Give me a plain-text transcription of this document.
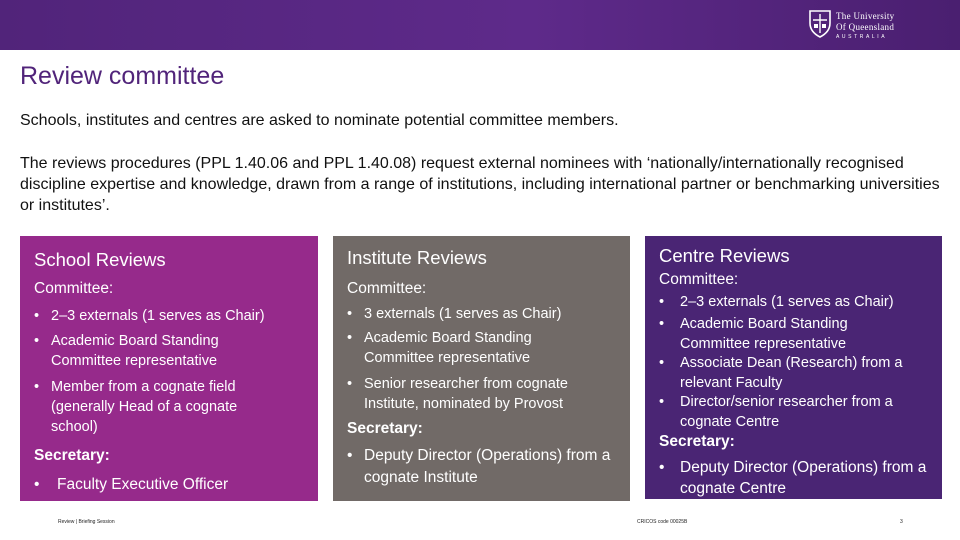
The University
Of Queensland
AUSTRALIA
Review committee

Schools, institutes and centres are asked to nominate potential committee members.

The reviews procedures (PPL 1.40.06 and PPL 1.40.08) request external nominees with ‘nationally/internationally recognised discipline expertise and knowledge, drawn from a range of institutions, including international partner or benchmarking universities or institutes’.

School Reviews
Committee:
• 2–3 externals (1 serves as Chair)
• Academic Board Standing Committee representative
• Member from a cognate field (generally Head of a cognate school)
Secretary:
•	Faculty Executive Officer
Institute Reviews
Committee:
• 3 externals (1 serves as Chair)
• Academic Board Standing Committee representative
• Senior researcher from cognate Institute, nominated by Provost
Secretary:
• Deputy Director (Operations) from a cognate Institute
Centre Reviews
Committee:
•	2–3 externals (1 serves as Chair)
•	Academic Board Standing Committee representative
•	Associate Dean (Research) from a relevant Faculty
•	Director/senior researcher from a cognate Centre
Secretary:
•	Deputy Director (Operations) from a cognate Centre
Review | Briefing Session	CRICOS code 00025B	3
